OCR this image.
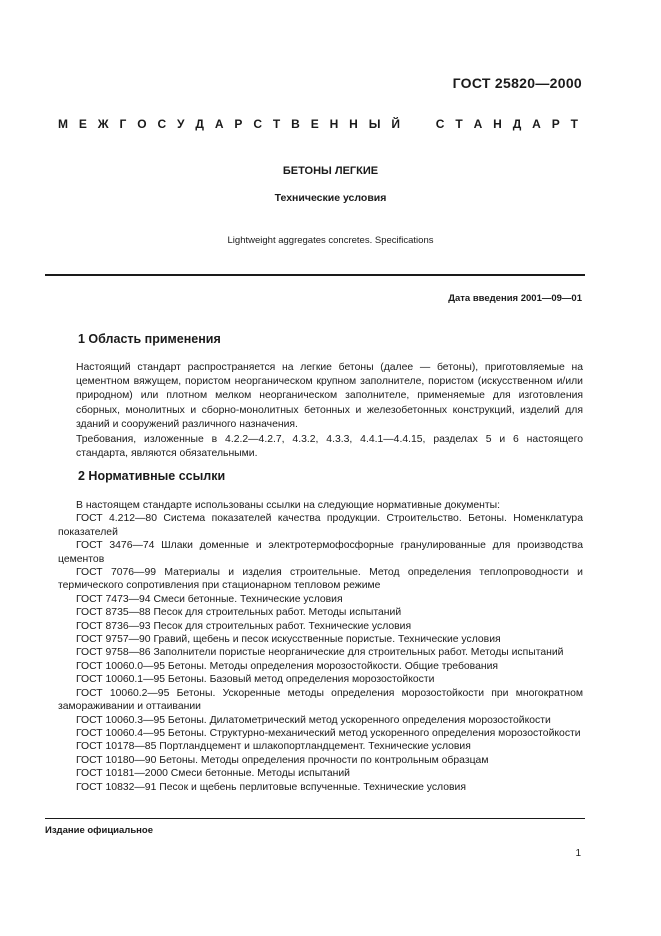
ГОСТ 25820—2000
М Е Ж Г О С У Д А Р С Т В Е Н Н Ы Й	С Т А Н Д А Р Т
БЕТОНЫ ЛЕГКИЕ
Технические условия
Lightweight aggregates concretes. Specifications
Дата введения 2001—09—01
1 Область применения
Настоящий стандарт распространяется на легкие бетоны (далее — бетоны), приготовляемые на цементном вяжущем, пористом неорганическом крупном заполнителе, пористом (искусственном и/или природном) или плотном мелком неорганическом заполнителе, применяемые для изготовления сборных, монолитных и сборно-монолитных бетонных и железобетонных конструкций, изделий для зданий и сооружений различного назначения.
Требования, изложенные в 4.2.2—4.2.7, 4.3.2, 4.3.3, 4.4.1—4.4.15, разделах 5 и 6 настоящего стандарта, являются обязательными.
2 Нормативные ссылки
В настоящем стандарте использованы ссылки на следующие нормативные документы:
ГОСТ 4.212—80 Система показателей качества продукции. Строительство. Бетоны. Номенклатура показателей
ГОСТ 3476—74 Шлаки доменные и электротермофосфорные гранулированные для производства цементов
ГОСТ 7076—99 Материалы и изделия строительные. Метод определения теплопроводности и термического сопротивления при стационарном тепловом режиме
ГОСТ 7473—94 Смеси бетонные. Технические условия
ГОСТ 8735—88 Песок для строительных работ. Методы испытаний
ГОСТ 8736—93 Песок для строительных работ. Технические условия
ГОСТ 9757—90 Гравий, щебень и песок искусственные пористые. Технические условия
ГОСТ 9758—86 Заполнители пористые неорганические для строительных работ. Методы испытаний
ГОСТ 10060.0—95 Бетоны. Методы определения морозостойкости. Общие требования
ГОСТ 10060.1—95 Бетоны. Базовый метод определения морозостойкости
ГОСТ 10060.2—95 Бетоны. Ускоренные методы определения морозостойкости при многократном замораживании и оттаивании
ГОСТ 10060.3—95 Бетоны. Дилатометрический метод ускоренного определения морозостойкости
ГОСТ 10060.4—95 Бетоны. Структурно-механический метод ускоренного определения морозостойкости
ГОСТ 10178—85 Портландцемент и шлакопортландцемент. Технические условия
ГОСТ 10180—90 Бетоны. Методы определения прочности по контрольным образцам
ГОСТ 10181—2000 Смеси бетонные. Методы испытаний
ГОСТ 10832—91 Песок и щебень перлитовые вспученные. Технические условия
Издание официальное
1
